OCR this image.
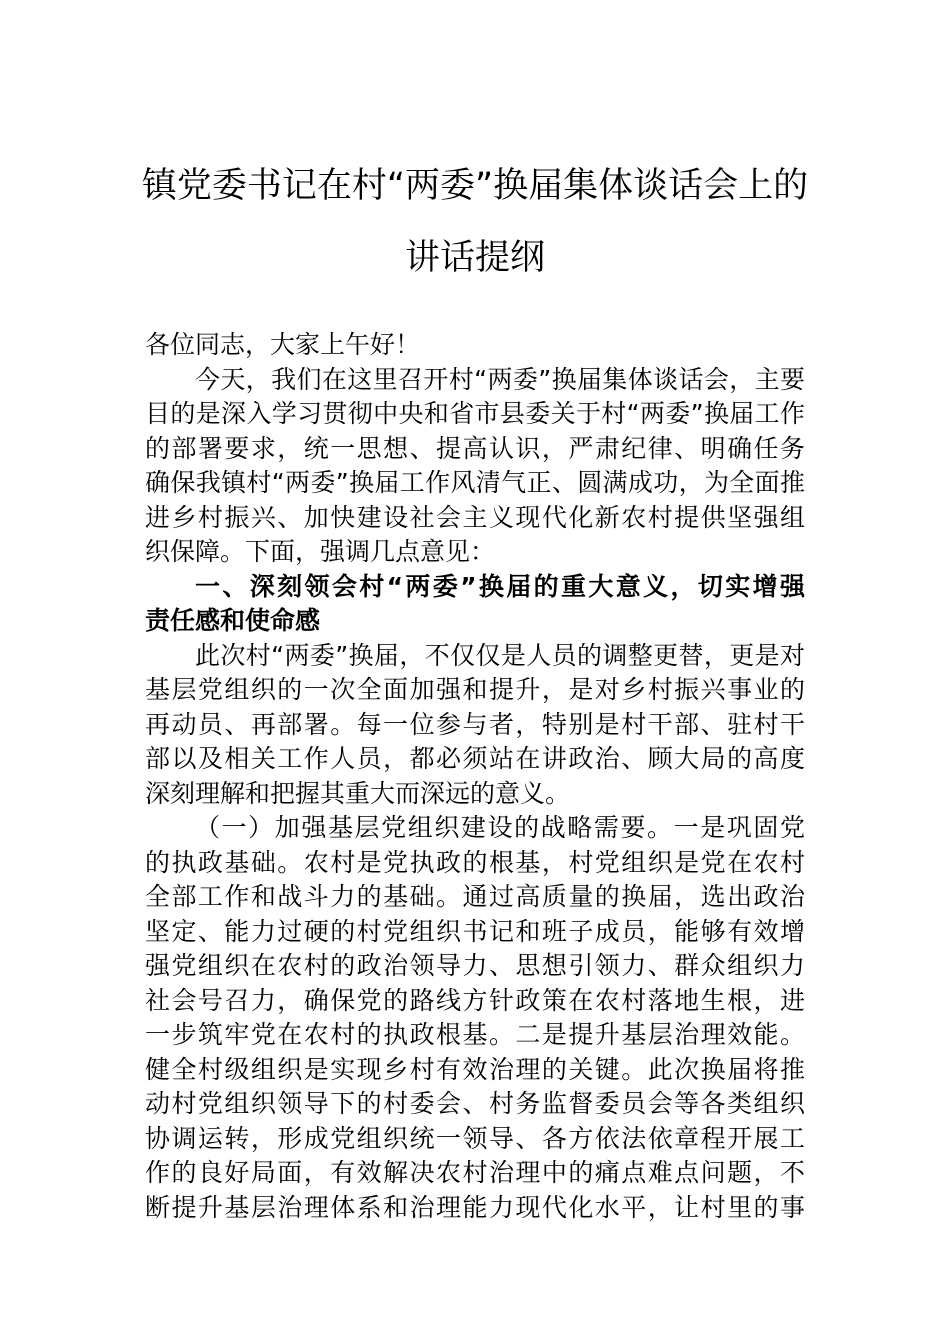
镇党委书记在村“两委”换届集体谈话会上的
讲话提纲
各位同志，大家上午好！
今天，我们在这里召开村“两委”换届集体谈话会，主要
目的是深入学习贯彻中央和省市县委关于村“两委”换届工作
的部署要求，统一思想、提高认识，严肃纪律、明确任务
确保我镇村“两委”换届工作风清气正、圆满成功，为全面推
进乡村振兴、加快建设社会主义现代化新农村提供坚强组
织保障。下面，强调几点意见：
一、深刻领会村“两委”换届的重大意义，切实增强
责任感和使命感
此次村“两委”换届，不仅仅是人员的调整更替，更是对
基层党组织的一次全面加强和提升，是对乡村振兴事业的
再动员、再部署。每一位参与者，特别是村干部、驻村干
部以及相关工作人员，都必须站在讲政治、顾大局的高度
深刻理解和把握其重大而深远的意义。
（一）加强基层党组织建设的战略需要。一是巩固党
的执政基础。农村是党执政的根基，村党组织是党在农村
全部工作和战斗力的基础。通过高质量的换届，选出政治
坚定、能力过硬的村党组织书记和班子成员，能够有效增
强党组织在农村的政治领导力、思想引领力、群众组织力
社会号召力，确保党的路线方针政策在农村落地生根，进
一步筑牢党在农村的执政根基。二是提升基层治理效能。
健全村级组织是实现乡村有效治理的关键。此次换届将推
动村党组织领导下的村委会、村务监督委员会等各类组织
协调运转，形成党组织统一领导、各方依法依章程开展工
作的良好局面，有效解决农村治理中的痛点难点问题，不
断提升基层治理体系和治理能力现代化水平，让村里的事
